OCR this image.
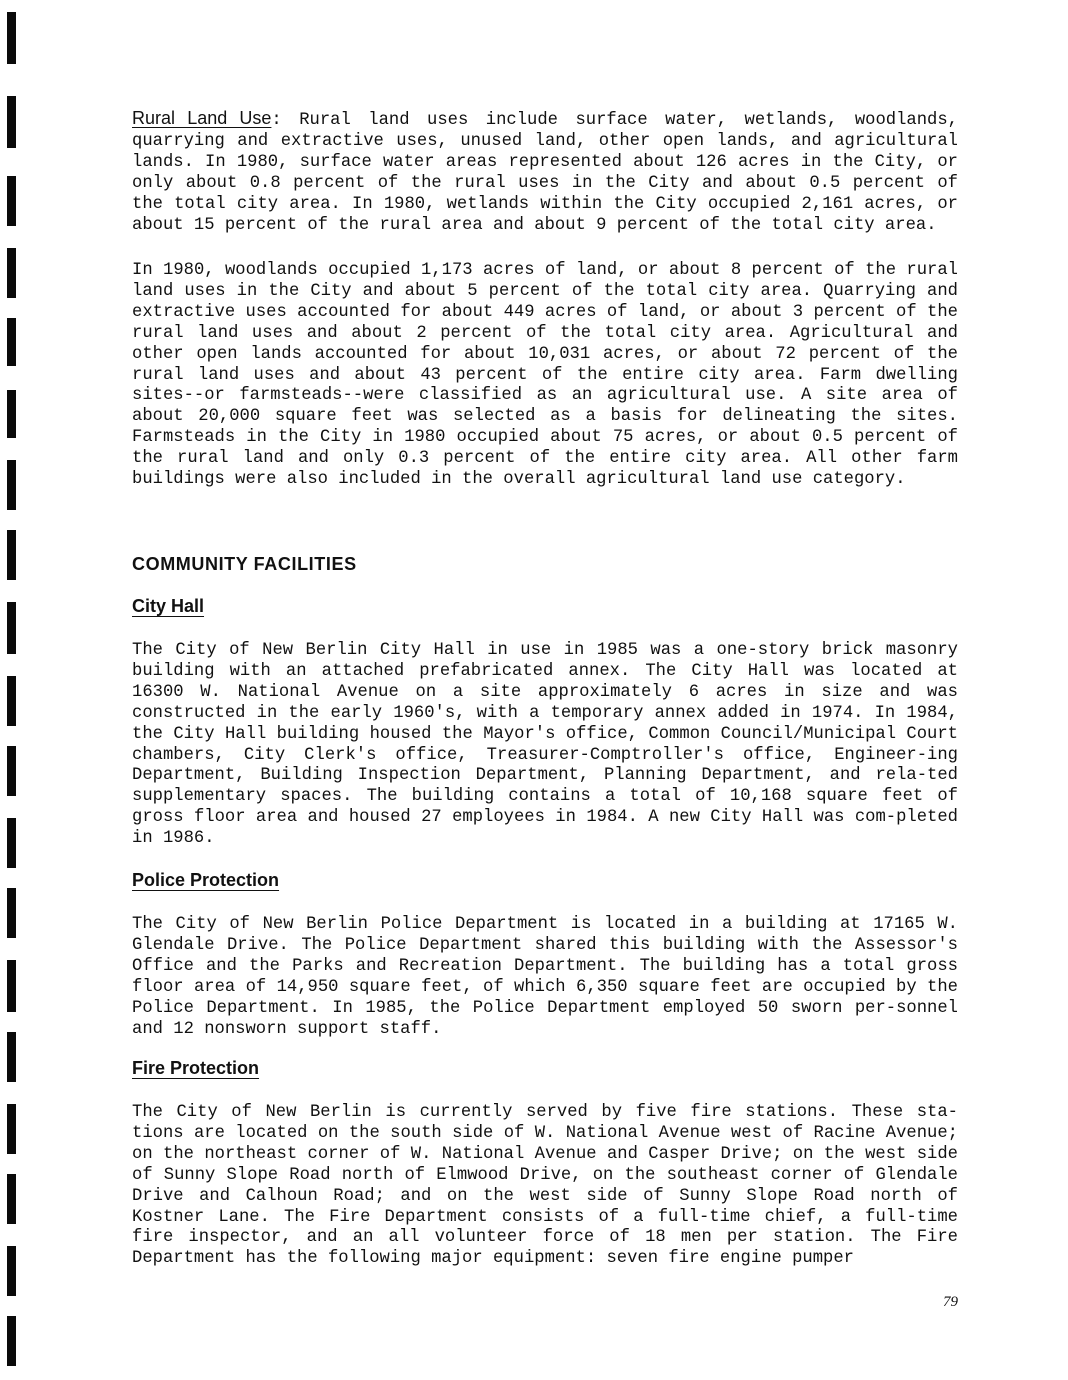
Rural Land Use: Rural land uses include surface water, wetlands, woodlands, quarrying and extractive uses, unused land, other open lands, and agricultural lands. In 1980, surface water areas represented about 126 acres in the City, or only about 0.8 percent of the rural uses in the City and about 0.5 percent of the total city area. In 1980, wetlands within the City occupied 2,161 acres, or about 15 percent of the rural area and about 9 percent of the total city area.

In 1980, woodlands occupied 1,173 acres of land, or about 8 percent of the rural land uses in the City and about 5 percent of the total city area. Quarrying and extractive uses accounted for about 449 acres of land, or about 3 percent of the rural land uses and about 2 percent of the total city area. Agricultural and other open lands accounted for about 10,031 acres, or about 72 percent of the rural land uses and about 43 percent of the entire city area. Farm dwelling sites--or farmsteads--were classified as an agricultural use. A site area of about 20,000 square feet was selected as a basis for delineating the sites. Farmsteads in the City in 1980 occupied about 75 acres, or about 0.5 percent of the rural land and only 0.3 percent of the entire city area. All other farm buildings were also included in the overall agricultural land use category.

COMMUNITY FACILITIES
City Hall

The City of New Berlin City Hall in use in 1985 was a one-story brick masonry building with an attached prefabricated annex. The City Hall was located at 16300 W. National Avenue on a site approximately 6 acres in size and was constructed in the early 1960's, with a temporary annex added in 1974. In 1984, the City Hall building housed the Mayor's office, Common Council/Municipal Court chambers, City Clerk's office, Treasurer-Comptroller's office, Engineer-ing Department, Building Inspection Department, Planning Department, and rela-ted supplementary spaces. The building contains a total of 10,168 square feet of gross floor area and housed 27 employees in 1984. A new City Hall was com-pleted in 1986.

Police Protection

The City of New Berlin Police Department is located in a building at 17165 W. Glendale Drive. The Police Department shared this building with the Assessor's Office and the Parks and Recreation Department. The building has a total gross floor area of 14,950 square feet, of which 6,350 square feet are occupied by the Police Department. In 1985, the Police Department employed 50 sworn per-sonnel and 12 nonsworn support staff.

Fire Protection

The City of New Berlin is currently served by five fire stations. These sta-tions are located on the south side of W. National Avenue west of Racine Avenue; on the northeast corner of W. National Avenue and Casper Drive; on the west side of Sunny Slope Road north of Elmwood Drive, on the southeast corner of Glendale Drive and Calhoun Road; and on the west side of Sunny Slope Road north of Kostner Lane. The Fire Department consists of a full-time chief, a full-time fire inspector, and an all volunteer force of 18 men per station. The Fire Department has the following major equipment: seven fire engine pumper

79
